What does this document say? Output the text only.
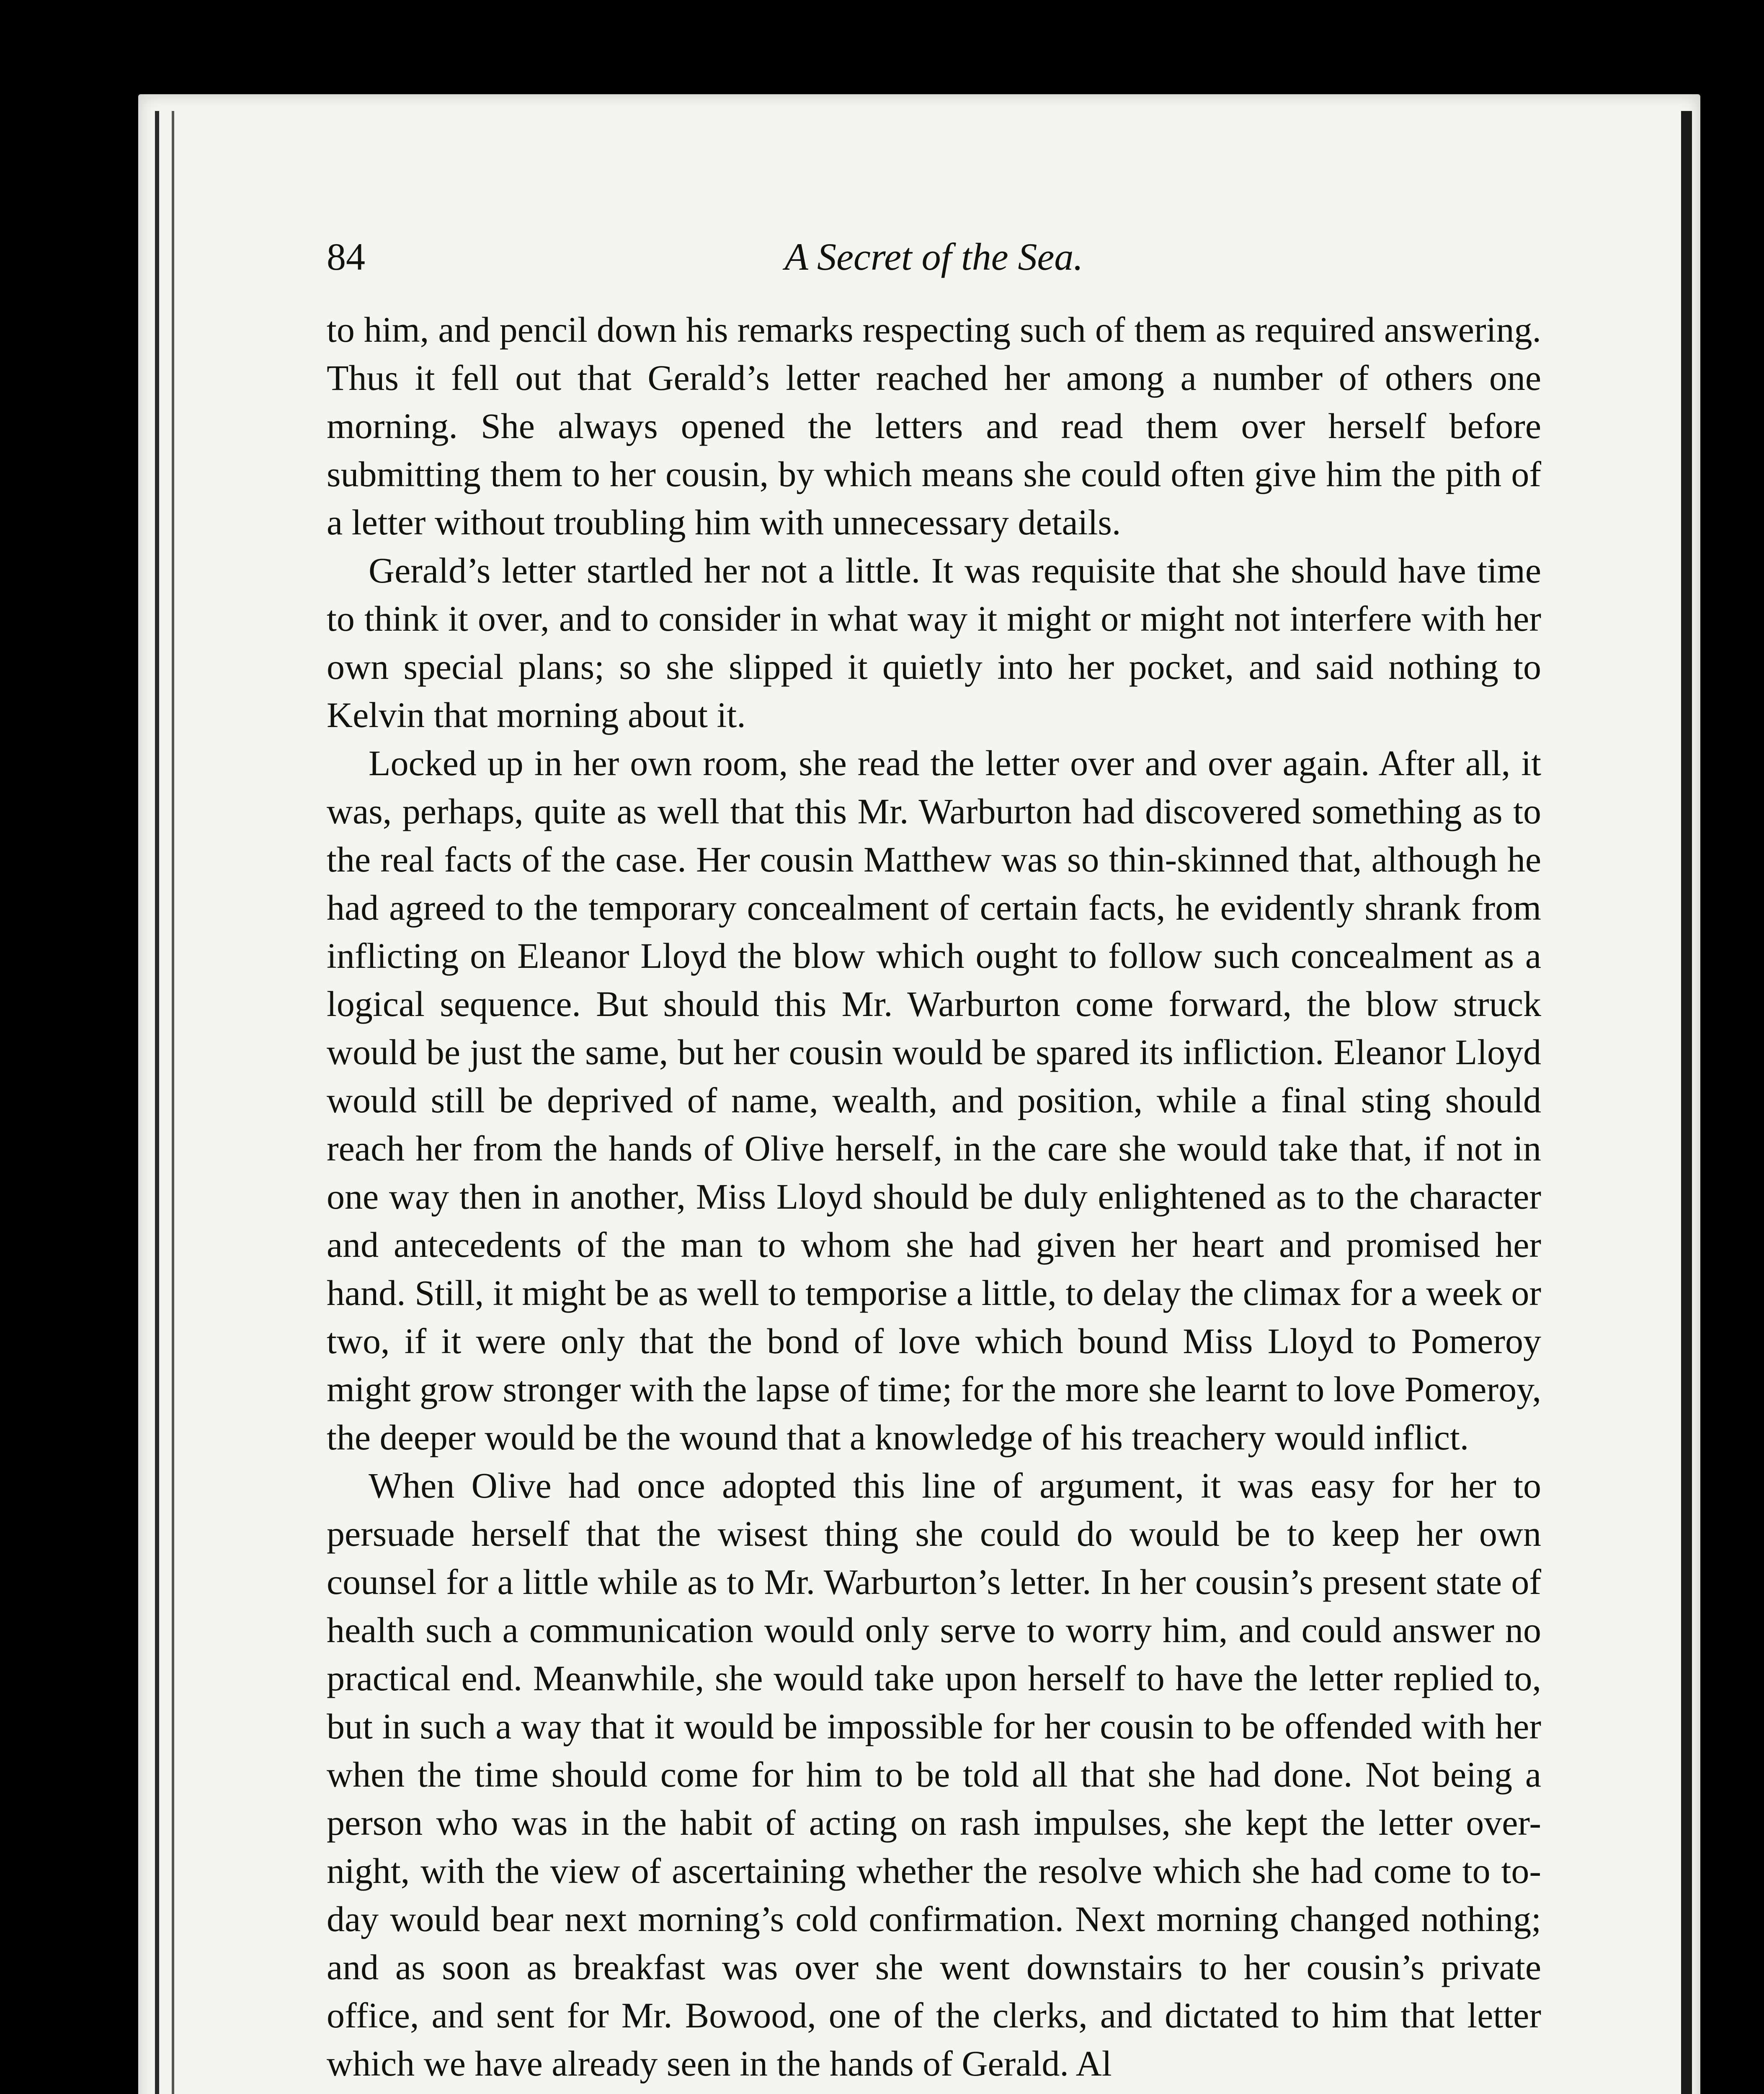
84	A Secret of the Sea.

to him, and pencil down his remarks respecting such of them as required answering. Thus it fell out that Gerald’s letter reached her among a number of others one morning. She always opened the letters and read them over herself before submitting them to her cousin, by which means she could often give him the pith of a letter without troubling him with unnecessary details.

Gerald’s letter startled her not a little. It was requisite that she should have time to think it over, and to consider in what way it might or might not interfere with her own special plans; so she slipped it quietly into her pocket, and said nothing to Kelvin that morning about it.

Locked up in her own room, she read the letter over and over again. After all, it was, perhaps, quite as well that this Mr. Warburton had discovered something as to the real facts of the case. Her cousin Matthew was so thin-skinned that, although he had agreed to the temporary concealment of certain facts, he evidently shrank from inflicting on Eleanor Lloyd the blow which ought to follow such concealment as a logical sequence. But should this Mr. Warburton come forward, the blow struck would be just the same, but her cousin would be spared its infliction. Eleanor Lloyd would still be deprived of name, wealth, and position, while a final sting should reach her from the hands of Olive herself, in the care she would take that, if not in one way then in another, Miss Lloyd should be duly enlightened as to the character and antecedents of the man to whom she had given her heart and promised her hand. Still, it might be as well to temporise a little, to delay the climax for a week or two, if it were only that the bond of love which bound Miss Lloyd to Pomeroy might grow stronger with the lapse of time; for the more she learnt to love Pomeroy, the deeper would be the wound that a knowledge of his treachery would inflict.

When Olive had once adopted this line of argument, it was easy for her to persuade herself that the wisest thing she could do would be to keep her own counsel for a little while as to Mr. Warburton’s letter. In her cousin’s present state of health such a communication would only serve to worry him, and could answer no practical end. Meanwhile, she would take upon herself to have the letter replied to, but in such a way that it would be impossible for her cousin to be offended with her when the time should come for him to be told all that she had done. Not being a person who was in the habit of acting on rash impulses, she kept the letter over-night, with the view of ascertaining whether the resolve which she had come to to-day would bear next morning’s cold confirmation. Next morning changed nothing; and as soon as breakfast was over she went downstairs to her cousin’s private office, and sent for Mr. Bowood, one of the clerks, and dictated to him that letter which we have already seen in the hands of Gerald. Al
